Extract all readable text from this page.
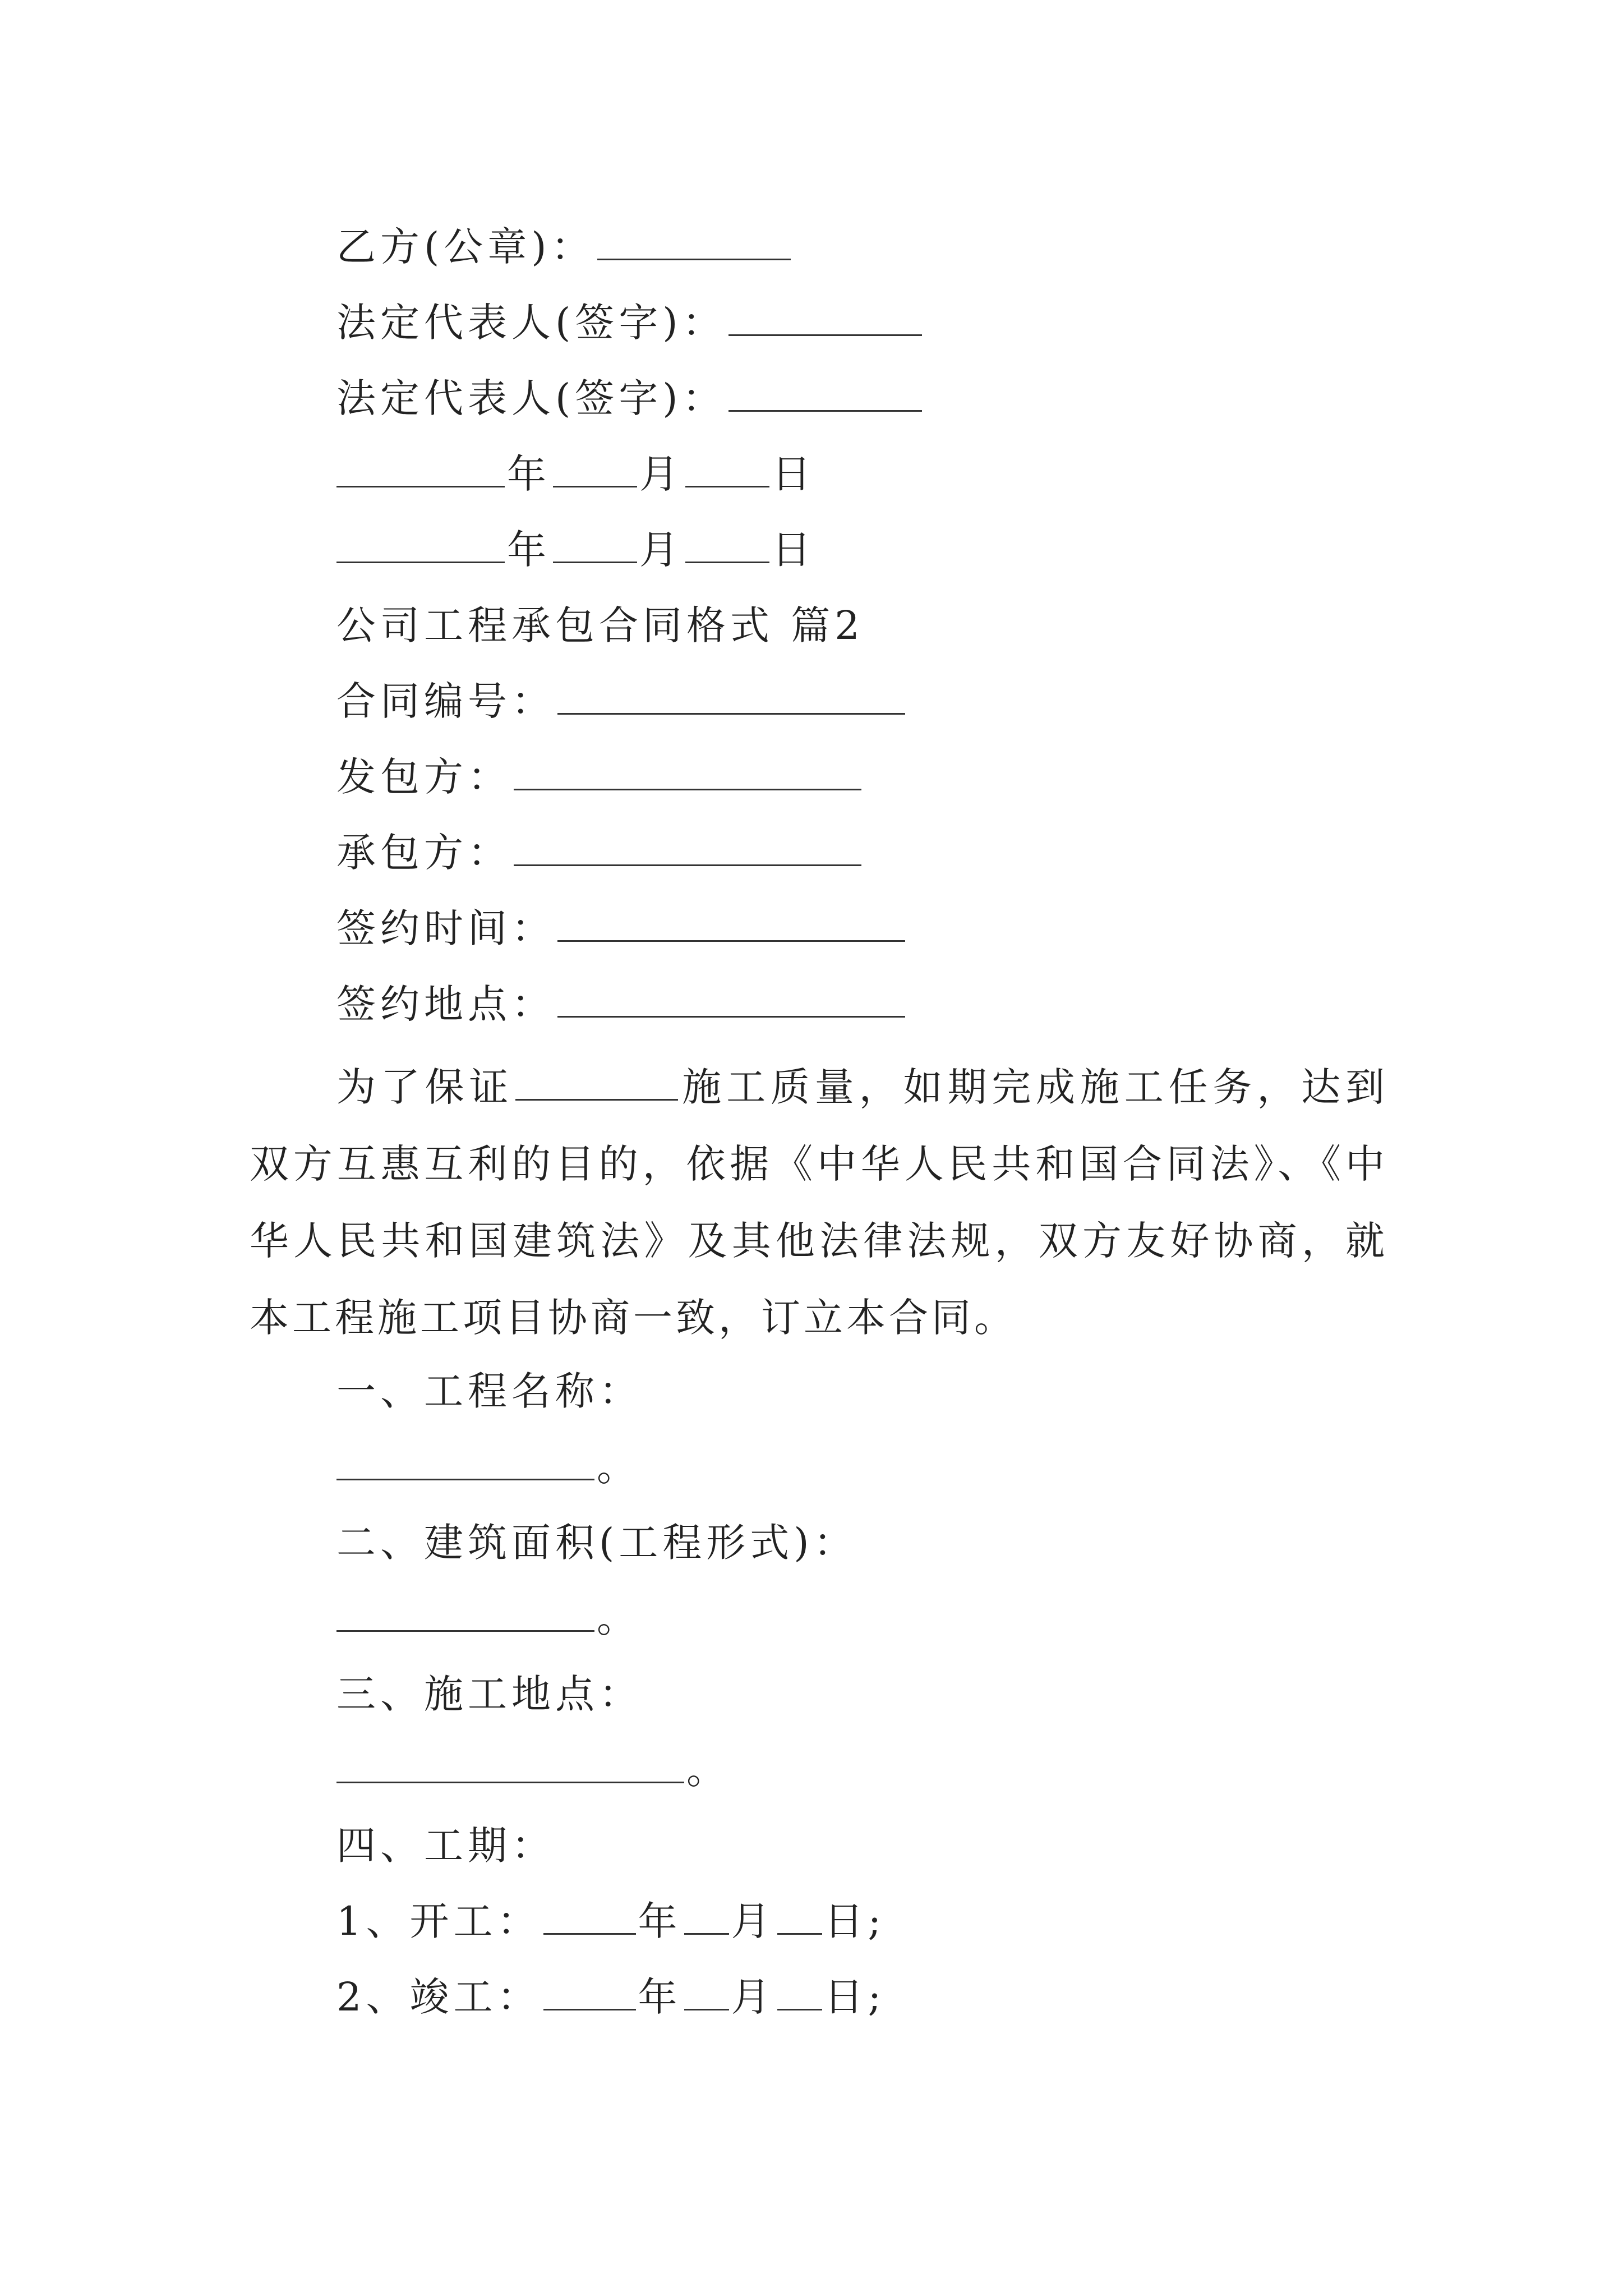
乙方(公章)：
法定代表人(签字)：
法定代表人(签字)：
年 月 日
年 月 日
公司工程承包合同格式 篇2
合同编号：
发包方：
承包方：
签约时间：
签约地点：
为了保证	施工质量，如期完成施工任务，达到双方互惠互利的目的，依据《中华人民共和国合同法》、《中华人民共和国建筑法》及其他法律法规，双方友好协商，就本工程施工项目协商一致，订立本合同。
一、工程名称：
。
二、建筑面积(工程形式)：
。
三、施工地点：
。
四、工期：
1、开工： 年 月 日;
2、竣工： 年 月 日;
